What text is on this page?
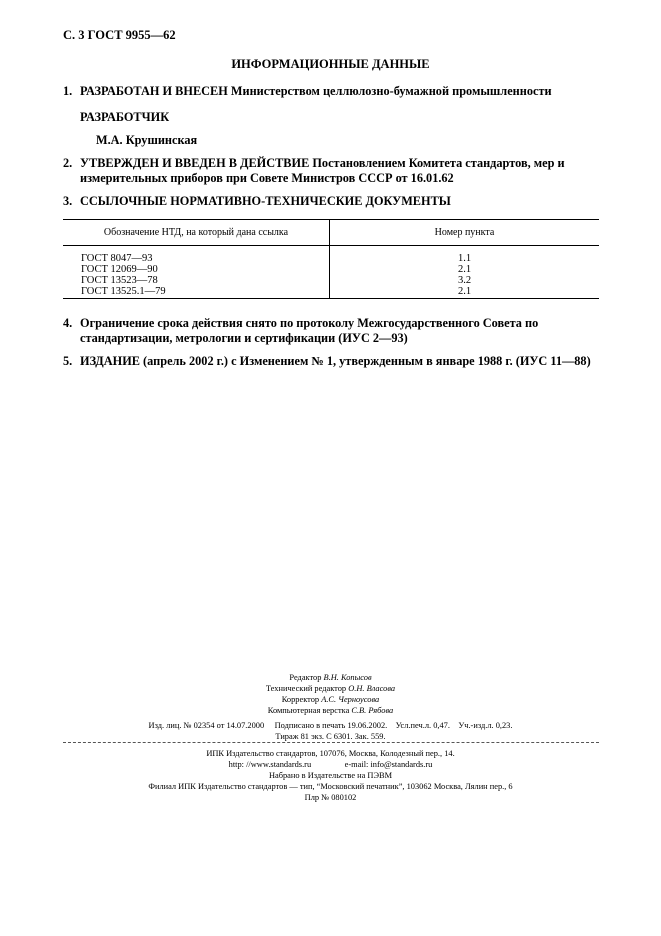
С. 3 ГОСТ 9955—62
ИНФОРМАЦИОННЫЕ ДАННЫЕ
1. РАЗРАБОТАН И ВНЕСЕН Министерством целлюлозно-бумажной промышленности
РАЗРАБОТЧИК
М.А. Крушинская
2. УТВЕРЖДЕН И ВВЕДЕН В ДЕЙСТВИЕ Постановлением Комитета стандартов, мер и измерительных приборов при Совете Министров СССР от 16.01.62
3. ССЫЛОЧНЫЕ НОРМАТИВНО-ТЕХНИЧЕСКИЕ ДОКУМЕНТЫ
Обозначение НТД, на который дана ссылка	Номер пункта
ГОСТ 8047—93	1.1
ГОСТ 12069—90	2.1
ГОСТ 13523—78	3.2
ГОСТ 13525.1—79	2.1
4. Ограничение срока действия снято по протоколу Межгосударственного Совета по стандартизации, метрологии и сертификации (ИУС 2—93)
5. ИЗДАНИЕ (апрель 2002 г.) с Изменением № 1, утвержденным в январе 1988 г. (ИУС 11—88)
Редактор В.Н. Копысов
Технический редактор О.Н. Власова
Корректор А.С. Черноусова
Компьютерная верстка С.В. Рябова
Изд. лиц. № 02354 от 14.07.2000     Подписано в печать 19.06.2002.    Усл.печ.л. 0,47.    Уч.-изд.л. 0,23.
Тираж 81 экз. С 6301. Зак. 559.
ИПК Издательство стандартов, 107076, Москва, Колодезный пер., 14.
http: //www.standards.ru                e-mail: info@standards.ru
Набрано в Издательстве на ПЭВМ
Филиал ИПК Издательство стандартов — тип, “Московский печатник”, 103062 Москва, Лялин пер., 6
Плр № 080102
